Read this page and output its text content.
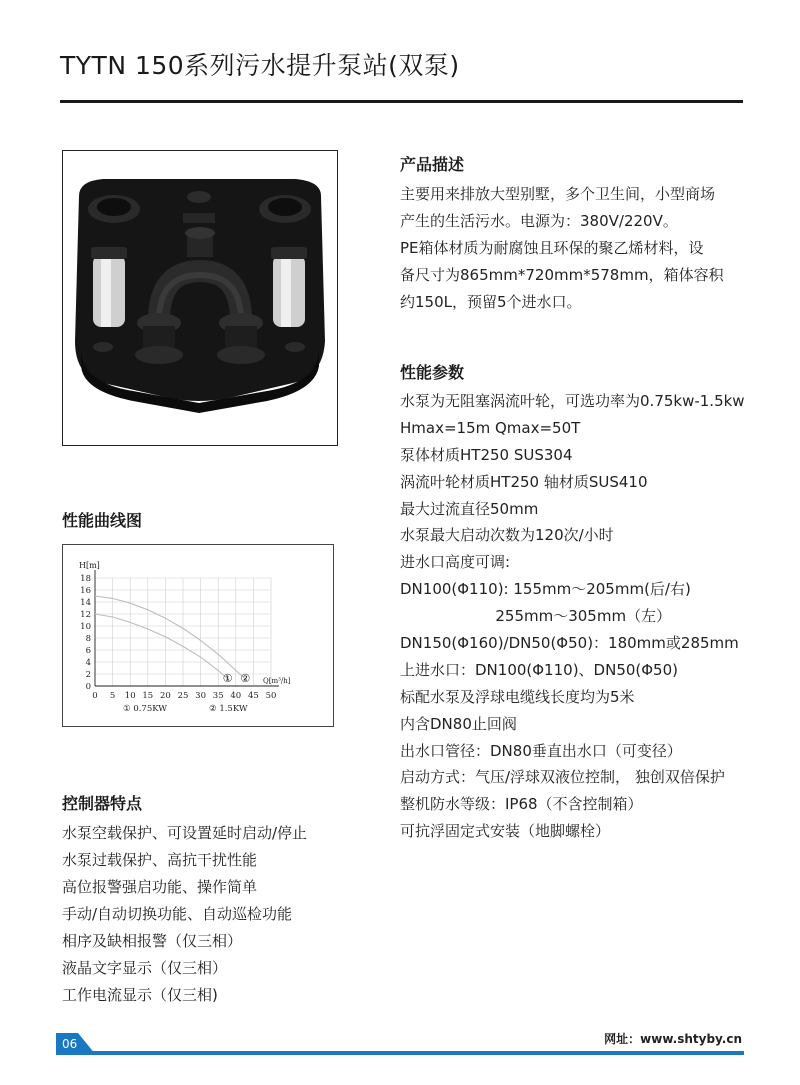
TYTN 150系列污水提升泵站(双泵)
产品描述
主要用来排放大型别墅，多个卫生间，小型商场
产生的生活污水。电源为：380V/220V。
PE箱体材质为耐腐蚀且环保的聚乙烯材料，设
备尺寸为865mm*720mm*578mm，箱体容积
约150L，预留5个进水口。
性能参数
水泵为无阻塞涡流叶轮，可选功率为0.75kw-1.5kw
Hmax=15m Qmax=50T
泵体材质HT250 SUS304
涡流叶轮材质HT250 轴材质SUS410
最大过流直径50mm
水泵最大启动次数为120次/小时
进水口高度可调:
DN100(Φ110): 155mm～205mm(后/右)
255mm～305mm（左）
DN150(Φ160)/DN50(Φ50)：180mm或285mm
上进水口：DN100(Φ110)、DN50(Φ50)
标配水泵及浮球电缆线长度均为5米
内含DN80止回阀
出水口管径：DN80垂直出水口（可变径）
启动方式：气压/浮球双液位控制， 独创双倍保护
整机防水等级：IP68（不含控制箱）
可抗浮固定式安装（地脚螺栓）
性能曲线图
0
2
4
6
8
10
12
14
16
18
0 5 10 15 20 25 30 35 40 45 50
H[m]
Q[m³/h]
① ②
① 0.75KW	② 1.5KW
控制器特点
水泵空载保护、可设置延时启动/停止
水泵过载保护、高抗干扰性能
高位报警强启功能、操作简单
手动/自动切换功能、自动巡检功能
相序及缺相报警（仅三相）
液晶文字显示（仅三相）
工作电流显示（仅三相)
06	网址：www.shtyby.cn
